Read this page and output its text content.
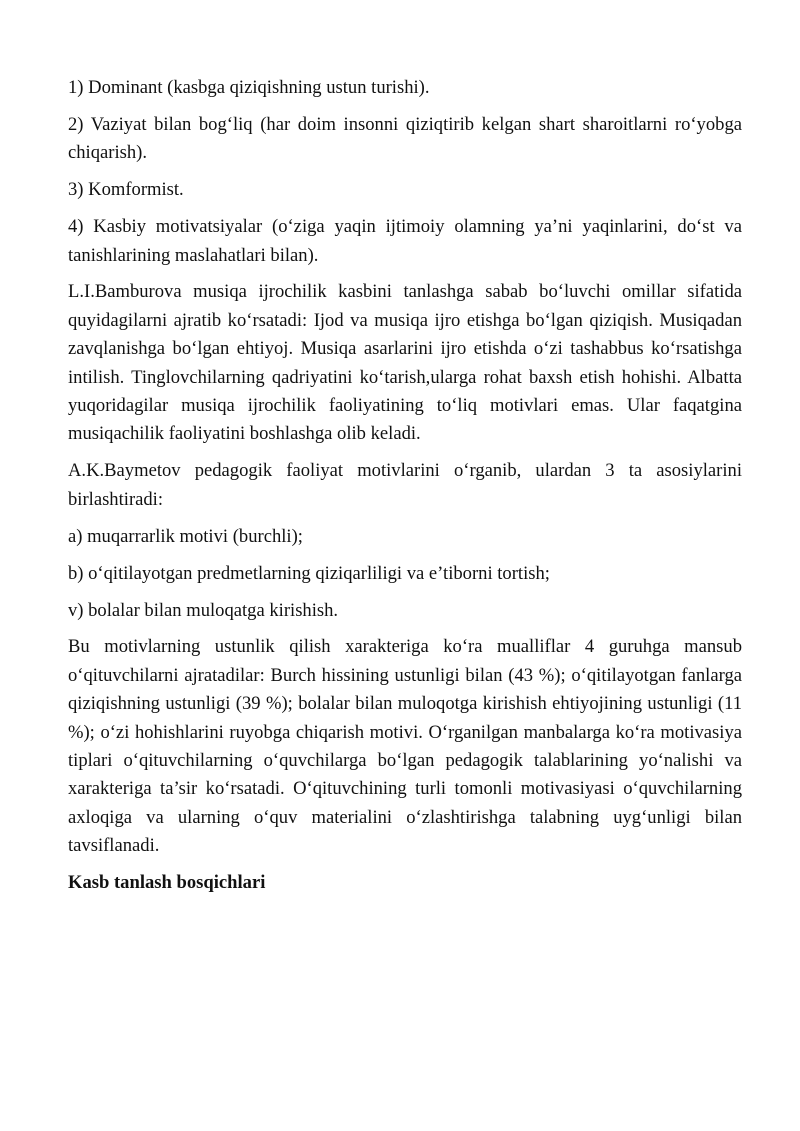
1) Dominant (kasbga qiziqishning ustun turishi).

2) Vaziyat bilan bog‘liq (har doim insonni qiziqtirib kelgan shart sharoitlarni ro‘yobga chiqarish).

3) Komformist.

4) Kasbiy motivatsiyalar (o‘ziga yaqin ijtimoiy olamning ya’ni yaqinlarini, do‘st va tanishlarining maslahatlari bilan).

L.I.Bamburova musiqa ijrochilik kasbini tanlashga sabab bo‘luvchi omillar sifatida quyidagilarni ajratib ko‘rsatadi: Ijod va musiqa ijro etishga bo‘lgan qiziqish. Musiqadan zavqlanishga bo‘lgan ehtiyoj. Musiqa asarlarini ijro etishda o‘zi tashabbus ko‘rsatishga intilish. Tinglovchilarning qadriyatini ko‘tarish,ularga rohat baxsh etish hohishi. Albatta yuqoridagilar musiqa ijrochilik faoliyatining to‘liq motivlari emas. Ular faqatgina musiqachilik faoliyatini boshlashga olib keladi.

A.K.Baymetov pedagogik faoliyat motivlarini o‘rganib, ulardan 3 ta asosiylarini birlashtiradi:

a) muqarrarlik motivi (burchli);

b) o‘qitilayotgan predmetlarning qiziqarliligi va e’tiborni tortish;

v) bolalar bilan muloqatga kirishish.

Bu motivlarning ustunlik qilish xarakteriga ko‘ra mualliflar 4 guruhga mansub o‘qituvchilarni ajratadilar: Burch hissining ustunligi bilan (43 %); o‘qitilayotgan fanlarga qiziqishning ustunligi (39 %); bolalar bilan muloqotga kirishish ehtiyojining ustunligi (11 %); o‘zi hohishlarini ruyobga chiqarish motivi. O‘rganilgan manbalarga ko‘ra motivasiya tiplari o‘qituvchilarning o‘quvchilarga bo‘lgan pedagogik talablarining yo‘nalishi va xarakteriga ta’sir ko‘rsatadi. O‘qituvchining turli tomonli motivasiyasi o‘quvchilarning axloqiga va ularning o‘quv materialini o‘zlashtirishga talabning uyg‘unligi bilan tavsiflanadi.

Kasb tanlash bosqichlari
